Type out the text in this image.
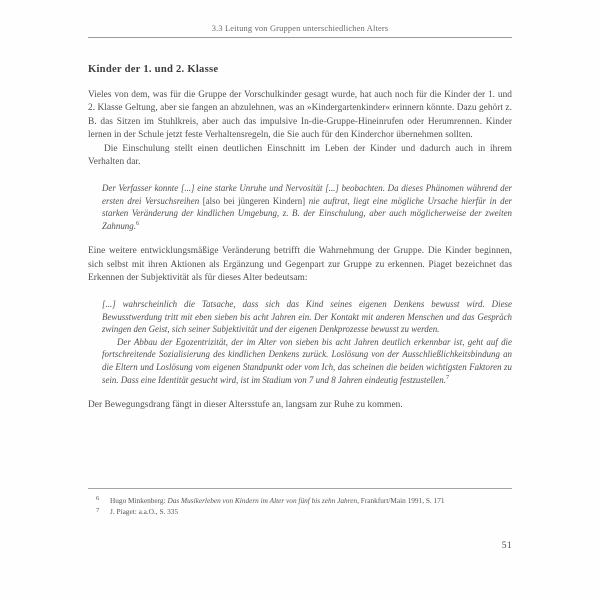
3.3 Leitung von Gruppen unterschiedlichen Alters
Kinder der 1. und 2. Klasse

Vieles von dem, was für die Gruppe der Vorschulkinder gesagt wurde, hat auch noch für die Kinder der 1. und 2. Klasse Geltung, aber sie fangen an abzulehnen, was an »Kindergartenkinder« erinnern könnte. Dazu gehört z. B. das Sitzen im Stuhlkreis, aber auch das impulsive In-die-Gruppe-Hineinrufen oder Herumrennen. Kinder lernen in der Schule jetzt feste Verhaltensregeln, die Sie auch für den Kinderchor übernehmen sollten.

Die Einschulung stellt einen deutlichen Einschnitt im Leben der Kinder und dadurch auch in ihrem Verhalten dar.

Der Verfasser konnte [...] eine starke Unruhe und Nervosität [...] beobachten. Da dieses Phänomen während der ersten drei Versuchsreihen [also bei jüngeren Kindern] nie auftrat, liegt eine mögliche Ursache hierfür in der starken Veränderung der kindlichen Umgebung, z. B. der Einschulung, aber auch möglicherweise der zweiten Zahnung.$^6$

Eine weitere entwicklungsmäßige Veränderung betrifft die Wahrnehmung der Gruppe. Die Kinder beginnen, sich selbst mit ihren Aktionen als Ergänzung und Gegenpart zur Gruppe zu erkennen. Piaget bezeichnet das Erkennen der Subjektivität als für dieses Alter bedeutsam:

[...] wahrscheinlich die Tatsache, dass sich das Kind seines eigenen Denkens bewusst wird. Diese Bewusstwerdung tritt mit eben sieben bis acht Jahren ein. Der Kontakt mit anderen Menschen und das Gespräch zwingen den Geist, sich seiner Subjektivität und der eigenen Denkprozesse bewusst zu werden.

Der Abbau der Egozentrizität, der im Alter von sieben bis acht Jahren deutlich erkennbar ist, geht auf die fortschreitende Sozialisierung des kindlichen Denkens zurück. Loslösung von der Ausschließlichkeitsbindung an die Eltern und Loslösung vom eigenen Standpunkt oder vom Ich, das scheinen die beiden wichtigsten Faktoren zu sein. Dass eine Identität gesucht wird, ist im Stadium von 7 und 8 Jahren eindeutig festzustellen.$^7$

Der Bewegungsdrang fängt in dieser Altersstufe an, langsam zur Ruhe zu kommen.

6 Hugo Minkenberg: Das Musikerleben von Kindern im Alter von fünf bis zehn Jahren, Frankfurt/Main 1991, S. 171
7 J. Piaget: a.a.O., S. 335
51
